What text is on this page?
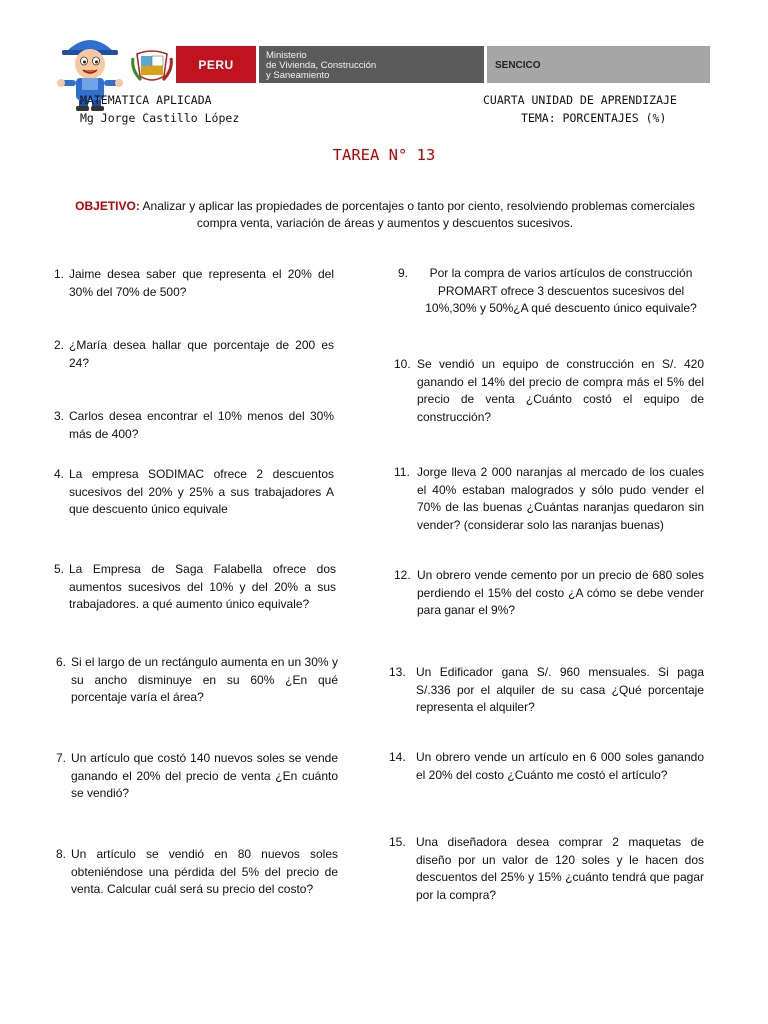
PERU
Ministerio
de Vivienda, Construcción
y Saneamiento
SENCICO
MATEMATICA APLICADA
Mg Jorge Castillo López
CUARTA UNIDAD DE APRENDIZAJE
TEMA: PORCENTAJES (%)
TAREA N° 13
OBJETIVO: Analizar y aplicar las propiedades de porcentajes o tanto por ciento, resolviendo problemas comerciales compra venta, variación de áreas y aumentos y descuentos sucesivos.
1. Jaime desea saber que representa el 20% del 30% del 70% de 500?
2. ¿María desea hallar que porcentaje de 200 es 24?
3. Carlos desea encontrar el 10% menos del 30% más de 400?
4. La empresa SODIMAC ofrece 2 descuentos sucesivos del 20% y 25% a sus trabajadores A que descuento único equivale
5. La Empresa de Saga Falabella ofrece dos aumentos sucesivos del 10% y del 20% a sus trabajadores. a qué aumento único equivale?
6. Si el largo de un rectángulo aumenta en un 30% y su ancho disminuye en su 60% ¿En qué porcentaje varía el área?
7. Un artículo que costó 140 nuevos soles se vende ganando el 20% del precio de venta ¿En cuánto se vendió?
8. Un artículo se vendió en 80 nuevos soles obteniéndose una pérdida del 5% del precio de venta. Calcular cuál será su precio del costo?
9.	Por la compra de varios artículos de construcción PROMART ofrece 3 descuentos sucesivos del 10%,30% y 50%¿A qué descuento único equivale?
10. Se vendió un equipo de construcción en S/. 420 ganando el 14% del precio de compra más el 5% del precio de venta ¿Cuánto costó el equipo de construcción?
11. Jorge lleva 2 000 naranjas al mercado de los cuales el 40% estaban malogrados y sólo pudo vender el 70% de las buenas ¿Cuántas naranjas quedaron sin vender? (considerar solo las naranjas buenas)
12. Un obrero vende cemento por un precio de 680 soles perdiendo el 15% del costo ¿A cómo se debe vender para ganar el 9%?
13. Un Edificador gana S/. 960 mensuales. Si paga S/.336 por el alquiler de su casa ¿Qué porcentaje representa el alquiler?
14. Un obrero vende un artículo en 6 000 soles ganando el 20% del costo ¿Cuánto me costó el artículo?
15. Una diseñadora desea comprar 2 maquetas de diseño por un valor de 120 soles y le hacen dos descuentos del 25% y 15% ¿cuánto tendrá que pagar por la compra?
